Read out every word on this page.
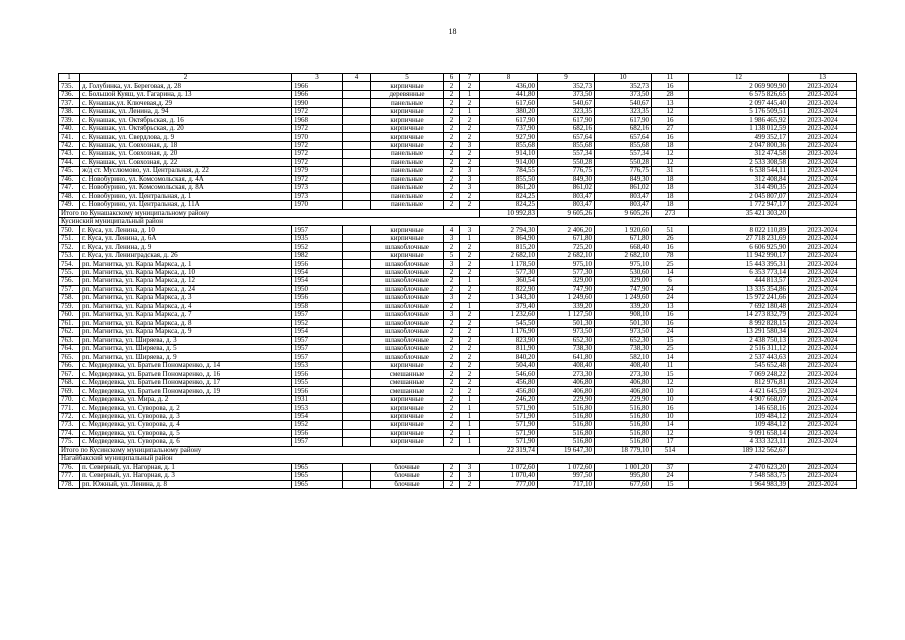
18
1	2	3	4	5	6	7	8	9	10	11	12	13
735.	д. Голубинка, ул. Береговая, д. 28	1966		кирпичные	2	2	436,00	352,73	352,73	16	2 069 909,90	2023-2024
736.	с. Большой Куяш, ул. Гагарина, д. 13	1966		деревянные	2	1	441,80	373,50	373,50	28	6 575 826,65	2023-2024
737.	с. Кунашак,ул. Ключевая,д. 29	1990		панельные	2	2	617,60	540,67	540,67	13	2 097 445,40	2023-2024
738.	с. Кунашак, ул. Ленина, д. 94	1972		кирпичные	2	1	380,20	323,35	323,35	12	5 176 509,51	2023-2024
739.	с. Кунашак, ул. Октябрьская, д. 16	1968		кирпичные	2	2	617,90	617,90	617,90	16	1 986 465,92	2023-2024
740.	с. Кунашак, ул. Октябрьская, д. 20	1972		кирпичные	2	2	737,90	682,16	682,16	27	1 138 012,59	2023-2024
741.	с. Кунашак, ул. Свердлова, д. 9	1970		кирпичные	2	2	927,90	657,64	657,64	16	499 352,17	2023-2024
742.	с. Кунашак, ул. Совхозная, д. 18	1972		кирпичные	2	3	855,68	855,68	855,68	18	2 047 800,36	2023-2024
743.	с. Кунашак, ул. Совхозная, д. 20	1972		панельные	2	2	914,10	557,34	557,34	12	312 474,58	2023-2024
744.	с. Кунашак, ул. Совхозная, д. 22	1972		панельные	2	2	914,00	550,28	550,28	12	2 533 308,58	2023-2024
745.	ж/д ст. Муслюмово, ул. Центральная, д. 22	1979		панельные	2	3	784,55	776,75	776,75	31	6 538 544,11	2023-2024
746.	с. Новобурино, ул. Комсомольская, д. 4А	1972		панельные	2	3	855,50	849,30	849,30	18	312 408,84	2023-2024
747.	с. Новобурино, ул. Комсомольская, д. 8А	1973		панельные	2	3	861,20	861,02	861,02	18	314 490,35	2023-2024
748.	с. Новобурино, ул. Центральная, д. 1	1973		панельные	2	2	824,25	803,47	803,47	18	2 045 807,07	2023-2024
749.	с. Новобурино, ул. Центральная, д. 11А	1970		панельные	2	2	824,25	803,47	803,47	18	1 772 947,17	2023-2024
Итого по Кунашакскому муниципальному району							10 992,83	9 605,26	9 605,26	273	35 421 303,20	
Кусинский муниципальный район												
750.	г. Куса, ул. Ленина, д. 10	1957		кирпичные	4	3	2 794,30	2 406,20	1 920,60	51	8 022 110,89	2023-2024
751.	г. Куса, ул. Ленина, д. 6А	1935		кирпичные	3	1	864,90	671,80	671,80	26	27 718 231,69	2023-2024
752.	г. Куса, ул. Ленина, д. 9	1952		шлакоблочные	2	2	815,20	725,20	668,40	16	6 606 925,90	2023-2024
753.	г. Куса, ул. Ленинградская, д. 26	1982		кирпичные	5	2	2 682,10	2 682,10	2 682,10	78	11 942 990,17	2023-2024
754.	рп. Магнитка, ул. Карла Маркса, д. 1	1956		шлакоблочные	3	2	1 178,50	975,10	975,10	25	15 443 395,31	2023-2024
755.	рп. Магнитка, ул. Карла Маркса, д. 10	1954		шлакоблочные	2	2	577,30	577,30	530,60	14	6 353 773,14	2023-2024
756.	рп. Магнитка, ул. Карла Маркса, д. 12	1954		шлакоблочные	2	1	360,54	329,00	329,00	6	444 813,57	2023-2024
757.	рп. Магнитка, ул. Карла Маркса, д. 24	1950		шлакоблочные	2	2	822,90	747,90	747,90	24	13 335 354,86	2023-2024
758.	рп. Магнитка, ул. Карла Маркса, д. 3	1956		шлакоблочные	3	2	1 343,30	1 249,60	1 249,60	24	15 972 241,66	2023-2024
759.	рп. Магнитка, ул. Карла Маркса, д. 4	1958		шлакоблочные	2	1	379,40	339,20	339,20	13	7 692 180,48	2023-2024
760.	рп. Магнитка, ул. Карла Маркса, д. 7	1957		шлакоблочные	3	2	1 232,60	1 127,50	908,10	16	14 273 832,79	2023-2024
761.	рп. Магнитка, ул. Карла Маркса, д. 8	1952		шлакоблочные	2	2	545,50	501,30	501,30	16	8 992 828,15	2023-2024
762.	рп. Магнитка, ул. Карла Маркса, д. 9	1954		шлакоблочные	2	2	1 176,90	973,50	973,50	24	13 291 580,34	2023-2024
763.	рп. Магнитка, ул. Ширяева, д. 3	1957		шлакоблочные	2	2	823,90	652,30	652,30	15	2 438 750,13	2023-2024
764.	рп. Магнитка, ул. Ширяева, д. 5	1957		шлакоблочные	2	2	811,90	738,30	738,30	25	2 516 311,12	2023-2024
765.	рп. Магнитка, ул. Ширяева, д. 9	1957		шлакоблочные	2	2	840,20	641,80	582,10	14	2 537 443,63	2023-2024
766.	с. Медведевка, ул. Братьев Пономаренко, д. 14	1953		кирпичные	2	2	504,40	408,40	408,40	11	545 652,48	2023-2024
767.	с. Медведевка, ул. Братьев Пономаренко, д. 16	1956		смешанные	2	2	546,60	273,30	273,30	15	7 069 248,22	2023-2024
768.	с. Медведевка, ул. Братьев Пономаренко, д. 17	1955		смешанные	2	2	456,80	406,80	406,80	12	812 976,81	2023-2024
769.	с. Медведевка, ул. Братьев Пономаренко, д. 19	1956		смешанные	2	2	456,80	406,80	406,80	10	4 421 645,59	2023-2024
770.	с. Медведевка, ул. Мира, д. 2	1931		кирпичные	2	1	246,20	229,90	229,90	10	4 907 668,07	2023-2024
771.	с. Медведевка, ул. Суворова, д. 2	1953		кирпичные	2	1	571,90	516,80	516,80	16	146 658,16	2023-2024
772.	с. Медведевка, ул. Суворова, д. 3	1954		кирпичные	2	1	571,90	516,80	516,80	10	109 484,12	2023-2024
773.	с. Медведевка, ул. Суворова, д. 4	1952		кирпичные	2	1	571,90	516,80	516,80	14	109 484,12	2023-2024
774.	с. Медведевка, ул. Суворова, д. 5	1956		кирпичные	2	1	571,90	516,80	516,80	12	9 091 658,14	2023-2024
775.	с. Медведевка, ул. Суворова, д. 6	1957		кирпичные	2	1	571,90	516,80	516,80	17	4 333 323,11	2023-2024
Итого по Кусинскому муниципальному району							22 319,74	19 647,30	18 779,10	514	189 132 562,67	
Нагайбакский муниципальный район												
776.	п. Северный, ул. Нагорная, д. 1	1965		блочные	2	3	1 072,60	1 072,60	1 001,20	37	2 470 623,20	2023-2024
777.	п. Северный, ул. Нагорная, д. 3	1965		блочные	2	3	1 070,40	997,50	995,80	24	7 548 583,75	2023-2024
778.	рп. Южный, ул. Ленина, д. 8	1965		блочные	2	2	777,00	717,10	677,60	15	1 964 983,39	2023-2024
